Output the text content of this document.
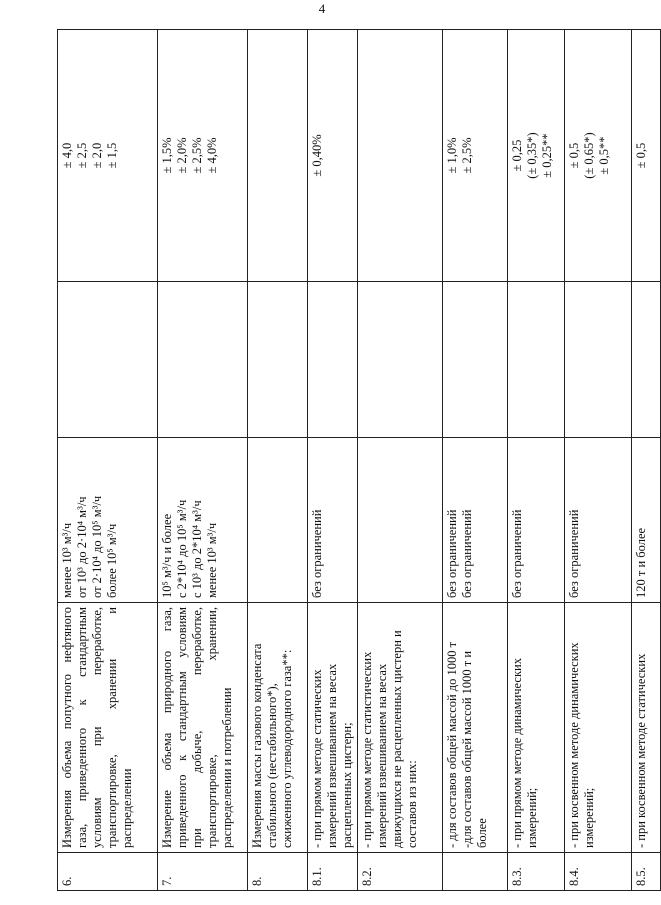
4
6.	Измерения объема попутного нефтяного газа, приведенного к стандартным условиям при переработке, транспортировке, хранении и распределении	менее 10³ м³/ч от 10³ до 2·10⁴ м³/ч от 2·10⁴ до 10⁵ м³/ч более 10⁵ м³/ч		± 4,0 ± 2,5 ± 2,0 ± 1,5

7.	Измерение объема природного газа, приведенного к стандартным условиям при добыче, переработке, транспортировке, хранении, распределении и потреблении	10⁵ м³/ч и более с 2*10⁴ до 10⁵ м³/ч с 10³ до 2*10⁴ м³/ч менее 10³ м³/ч		± 1,5% ± 2,0% ± 2,5% ± 4,0%

8.	Измерения массы газового конденсата стабильного (нестабильного*), сжиженного углеводородного газа**:			

8.1.	- при прямом методе статических измерений взвешиванием на весах расцепленных цистерн;	без ограничений		± 0,40%

8.2.	- при прямом методе статистических измерений взвешиванием на весах движущихся не расцепленных цистерн и составов из них:			

	- для составов общей массой до 1000 т -для составов общей массой 1000 т и более	без ограничений без ограничений		± 1,0% ± 2,5%

8.3.	- при прямом методе динамических измерений;	без ограничений		± 0,25 (± 0,35*) ± 0,25**

8.4.	- при косвенном методе динамических измерений;	без ограничений		± 0,5 (± 0,65*) ± 0,5**

8.5.	- при косвенном методе статических	120 т и более		± 0,5
